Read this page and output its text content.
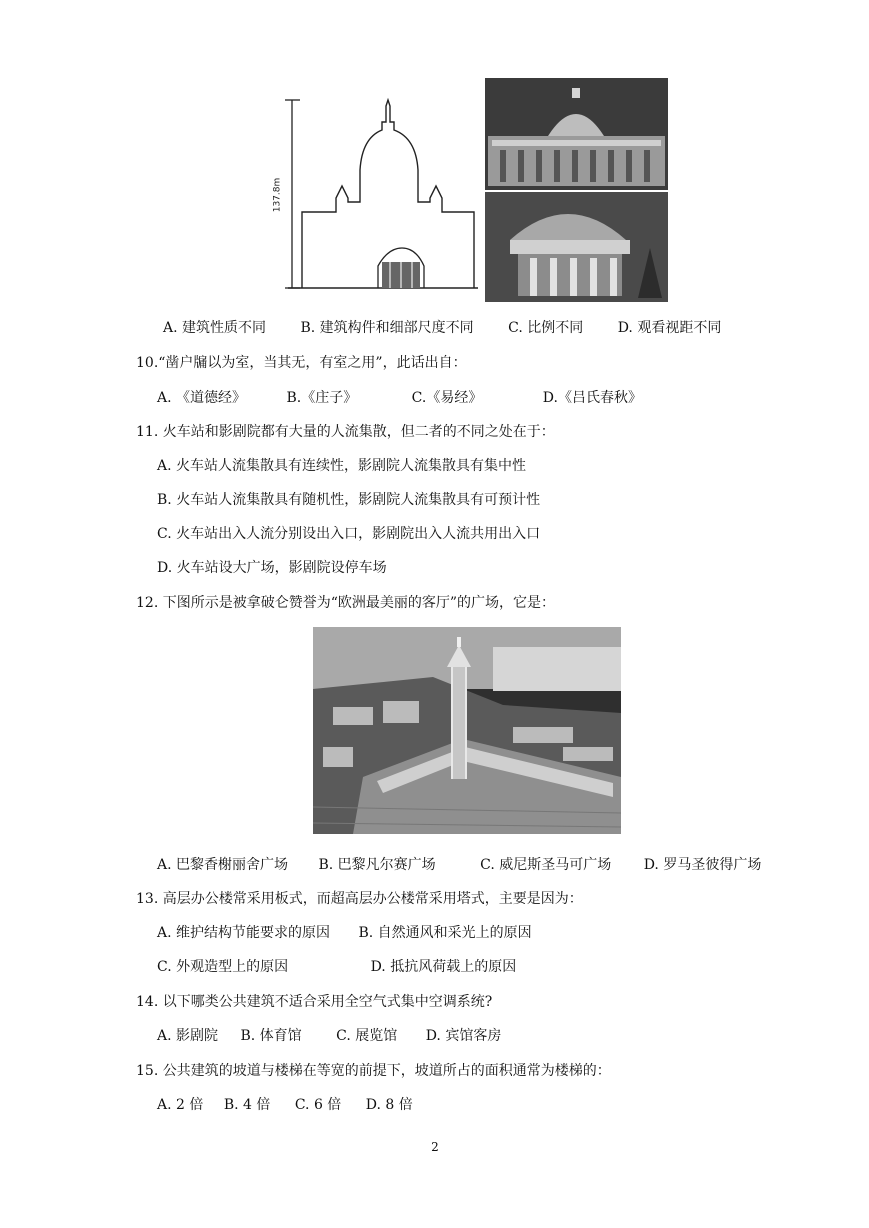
137.8m
A. 建筑性质不同 B. 建筑构件和细部尺度不同 C. 比例不同 D. 观看视距不同
10.“凿户牖以为室，当其无，有室之用”，此话出自：
A. 《道德经》	B.《庄子》	C.《易经》	D.《吕氏春秋》
11. 火车站和影剧院都有大量的人流集散，但二者的不同之处在于：
A. 火车站人流集散具有连续性，影剧院人流集散具有集中性
B. 火车站人流集散具有随机性，影剧院人流集散具有可预计性
C. 火车站出入人流分别设出入口，影剧院出入人流共用出入口
D. 火车站设大广场，影剧院设停车场
12. 下图所示是被拿破仑赞誉为“欧洲最美丽的客厅”的广场，它是：
A. 巴黎香榭丽舍广场 B. 巴黎凡尔赛广场	C. 威尼斯圣马可广场 D. 罗马圣彼得广场
13. 高层办公楼常采用板式，而超高层办公楼常采用塔式，主要是因为：
A. 维护结构节能要求的原因 B. 自然通风和采光上的原因
C. 外观造型上的原因	D. 抵抗风荷载上的原因
14. 以下哪类公共建筑不适合采用全空气式集中空调系统?
A. 影剧院 B. 体育馆 C. 展览馆 D. 宾馆客房
15. 公共建筑的坡道与楼梯在等宽的前提下，坡道所占的面积通常为楼梯的：
A. 2 倍 B. 4 倍 C. 6 倍 D. 8 倍
2
